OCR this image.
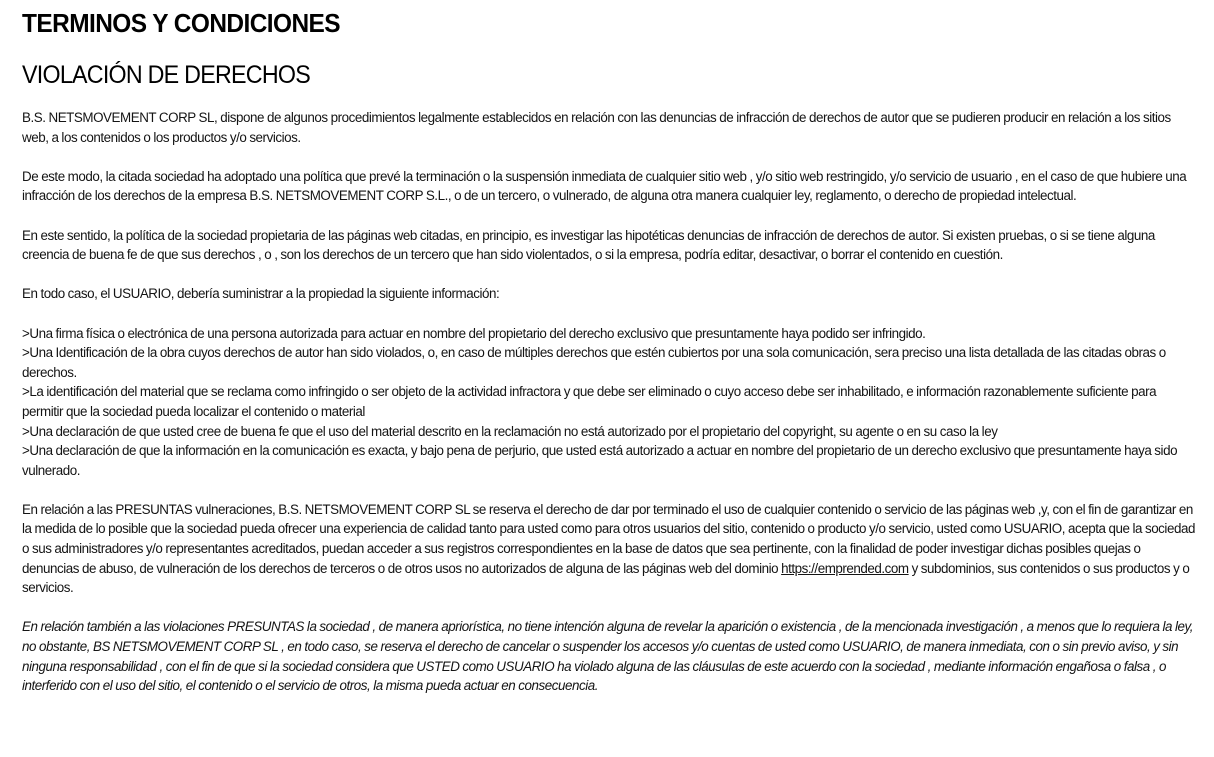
TERMINOS Y CONDICIONES
VIOLACIÓN DE DERECHOS

B.S. NETSMOVEMENT CORP SL, dispone de algunos procedimientos legalmente establecidos en relación con las denuncias de infracción de derechos de autor que se pudieren producir en relación a los sitios web, a los contenidos o los productos y/o servicios.

De este modo, la citada sociedad ha adoptado una política que prevé la terminación o la suspensión inmediata de cualquier sitio web , y/o sitio web restringido, y/o servicio de usuario , en el caso de que hubiere una infracción de los derechos de la empresa B.S. NETSMOVEMENT CORP S.L., o de un tercero, o vulnerado, de alguna otra manera cualquier ley, reglamento, o derecho de propiedad intelectual.

En este sentido, la política de la sociedad propietaria de las páginas web citadas, en principio, es investigar las hipotéticas denuncias de infracción de derechos de autor. Si existen pruebas, o si se tiene alguna creencia de buena fe de que sus derechos , o , son los derechos de un tercero que han sido violentados, o si la empresa, podría editar, desactivar, o borrar el contenido en cuestión.

En todo caso, el USUARIO, debería suministrar a la propiedad la siguiente información:

>Una firma física o electrónica de una persona autorizada para actuar en nombre del propietario del derecho exclusivo que presuntamente haya podido ser infringido.

>Una Identificación de la obra cuyos derechos de autor han sido violados, o, en caso de múltiples derechos que estén cubiertos por una sola comunicación, sera preciso una lista detallada de las citadas obras o derechos.

>La identificación del material que se reclama como infringido o ser objeto de la actividad infractora y que debe ser eliminado o cuyo acceso debe ser inhabilitado, e información razonablemente suficiente para permitir que la sociedad pueda localizar el contenido o material

>Una declaración de que usted cree de buena fe que el uso del material descrito en la reclamación no está autorizado por el propietario del copyright, su agente o en su caso la ley

>Una declaración de que la información en la comunicación es exacta, y bajo pena de perjurio, que usted está autorizado a actuar en nombre del propietario de un derecho exclusivo que presuntamente haya sido vulnerado.

En relación a las PRESUNTAS vulneraciones, B.S. NETSMOVEMENT CORP SL se reserva el derecho de dar por terminado el uso de cualquier contenido o servicio de las páginas web ,y, con el fin de garantizar en la medida de lo posible que la sociedad pueda ofrecer una experiencia de calidad tanto para usted como para otros usuarios del sitio, contenido o producto y/o servicio, usted como USUARIO, acepta que la sociedad o sus administradores y/o representantes acreditados, puedan acceder a sus registros correspondientes en la base de datos que sea pertinente, con la finalidad de poder investigar dichas posibles quejas o denuncias de abuso, de vulneración de los derechos de terceros o de otros usos no autorizados de alguna de las páginas web del dominio https://emprended.com y subdominios, sus contenidos o sus productos y o servicios.

En relación también a las violaciones PRESUNTAS la sociedad , de manera apriorística, no tiene intención alguna de revelar la aparición o existencia , de la mencionada investigación , a menos que lo requiera la ley, no obstante, BS NETSMOVEMENT CORP SL , en todo caso, se reserva el derecho de cancelar o suspender los accesos y/o cuentas de usted como USUARIO, de manera inmediata, con o sin previo aviso, y sin ninguna responsabilidad , con el fin de que si la sociedad considera que USTED como USUARIO ha violado alguna de las cláusulas de este acuerdo con la sociedad , mediante información engañosa o falsa , o interferido con el uso del sitio, el contenido o el servicio de otros, la misma pueda actuar en consecuencia.
